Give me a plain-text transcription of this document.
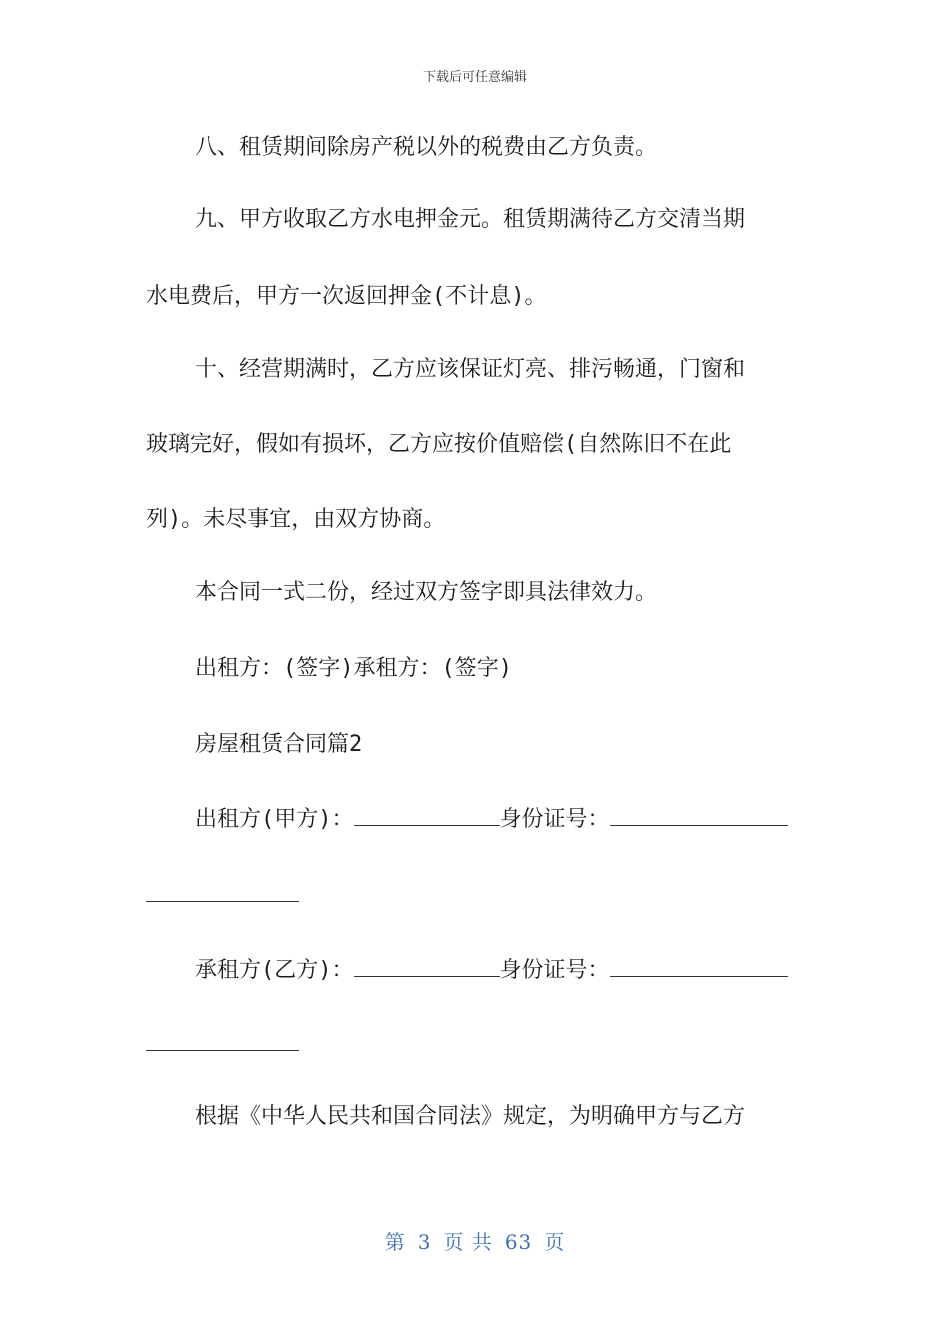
下载后可任意编辑
八、租赁期间除房产税以外的税费由乙方负责。
九、甲方收取乙方水电押金元。租赁期满待乙方交清当期
水电费后，甲方一次返回押金(不计息)。
十、经营期满时，乙方应该保证灯亮、排污畅通，门窗和
玻璃完好，假如有损坏，乙方应按价值赔偿(自然陈旧不在此
列)。未尽事宜，由双方协商。
本合同一式二份，经过双方签字即具法律效力。
出租方：(签字)承租方：(签字)
房屋租赁合同篇2
出租方(甲方)：	身份证号：
承租方(乙方)：	身份证号：
根据《中华人民共和国合同法》规定，为明确甲方与乙方
第 3 页 共 63 页
